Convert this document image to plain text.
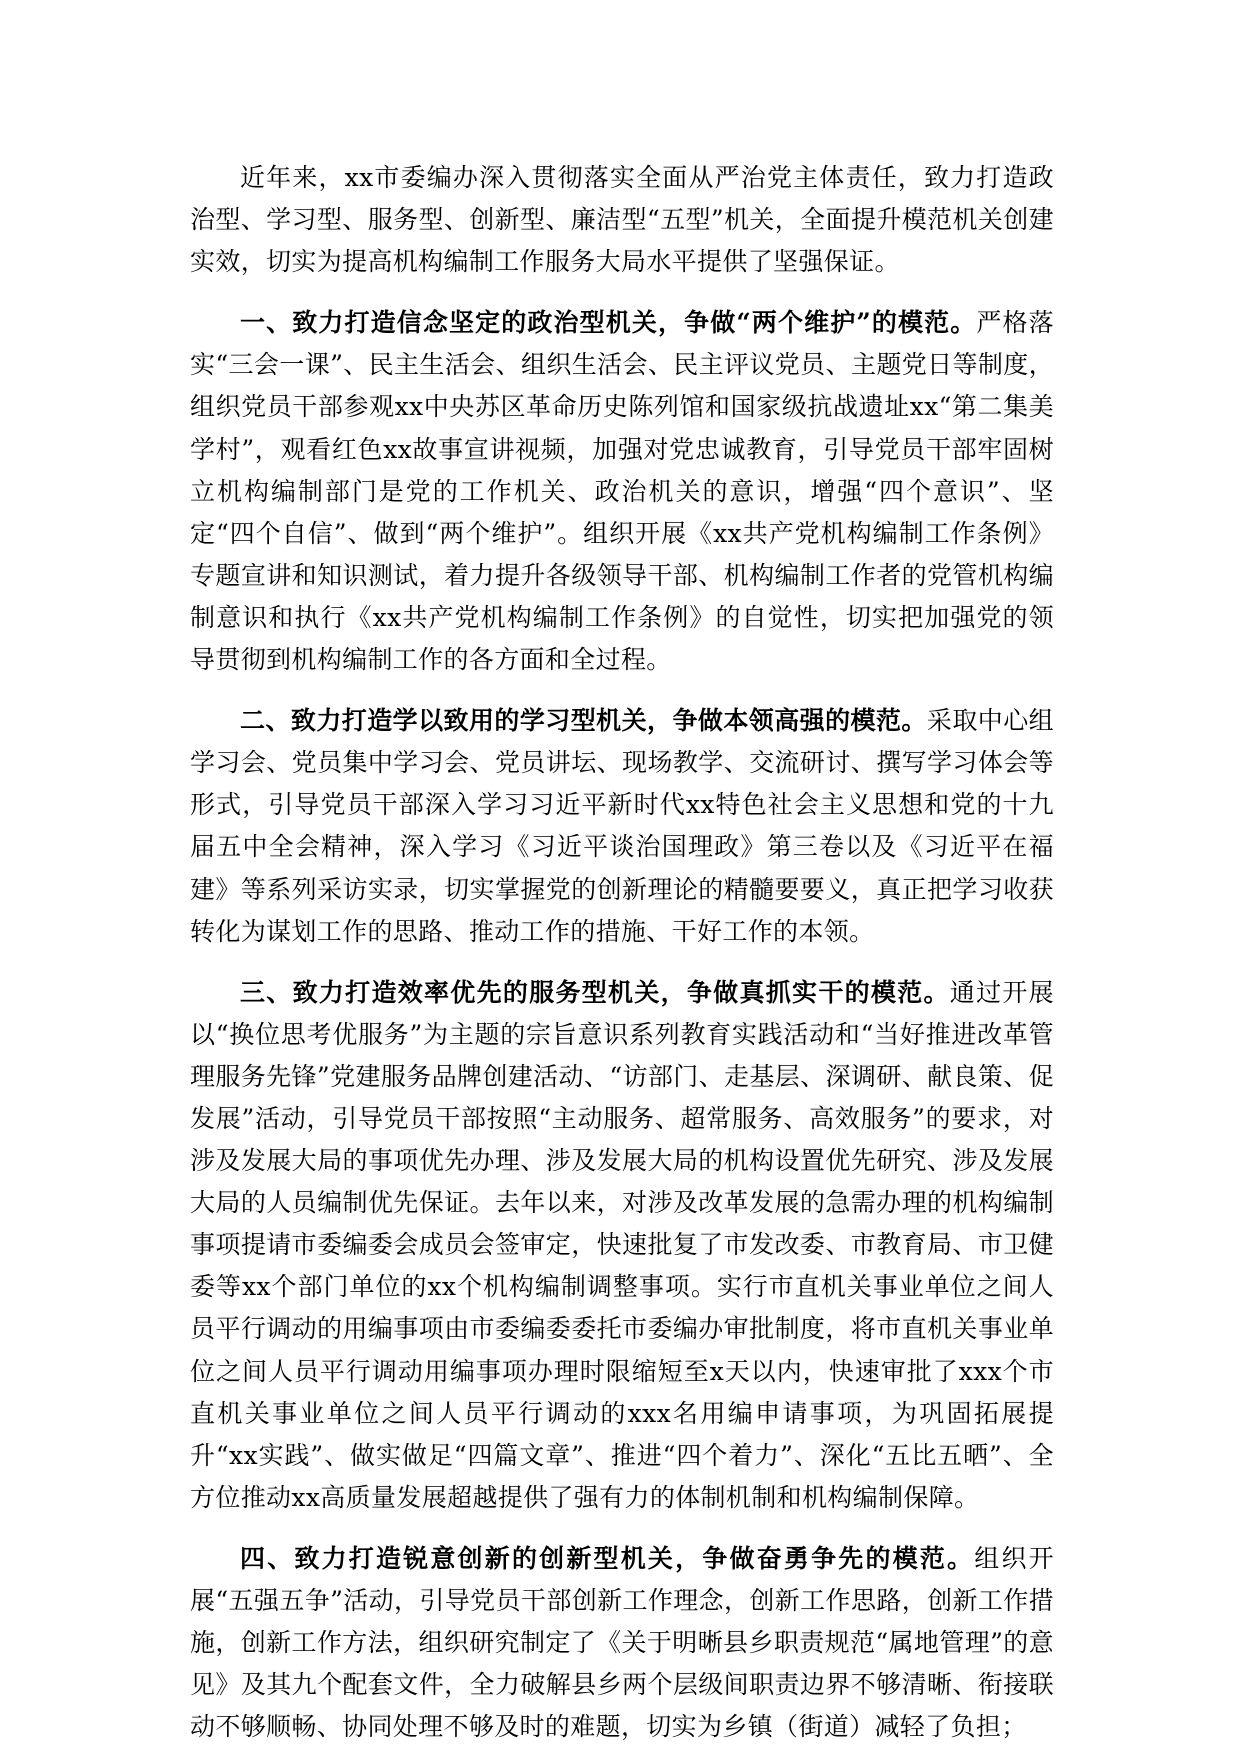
近年来，xx市委编办深入贯彻落实全面从严治党主体责任，致力打造政治型、学习型、服务型、创新型、廉洁型“五型”机关，全面提升模范机关创建实效，切实为提高机构编制工作服务大局水平提供了坚强保证。

一、致力打造信念坚定的政治型机关，争做“两个维护”的模范。严格落实“三会一课”、民主生活会、组织生活会、民主评议党员、主题党日等制度，组织党员干部参观xx中央苏区革命历史陈列馆和国家级抗战遗址xx“第二集美学村”，观看红色xx故事宣讲视频，加强对党忠诚教育，引导党员干部牢固树立机构编制部门是党的工作机关、政治机关的意识，增强“四个意识”、坚定“四个自信”、做到“两个维护”。组织开展《xx共产党机构编制工作条例》专题宣讲和知识测试，着力提升各级领导干部、机构编制工作者的党管机构编制意识和执行《xx共产党机构编制工作条例》的自觉性，切实把加强党的领导贯彻到机构编制工作的各方面和全过程。

二、致力打造学以致用的学习型机关，争做本领高强的模范。采取中心组学习会、党员集中学习会、党员讲坛、现场教学、交流研讨、撰写学习体会等形式，引导党员干部深入学习习近平新时代xx特色社会主义思想和党的十九届五中全会精神，深入学习《习近平谈治国理政》第三卷以及《习近平在福建》等系列采访实录，切实掌握党的创新理论的精髓要要义，真正把学习收获转化为谋划工作的思路、推动工作的措施、干好工作的本领。

三、致力打造效率优先的服务型机关，争做真抓实干的模范。通过开展以“换位思考优服务”为主题的宗旨意识系列教育实践活动和“当好推进改革管理服务先锋”党建服务品牌创建活动、“访部门、走基层、深调研、献良策、促发展”活动，引导党员干部按照“主动服务、超常服务、高效服务”的要求，对涉及发展大局的事项优先办理、涉及发展大局的机构设置优先研究、涉及发展大局的人员编制优先保证。去年以来，对涉及改革发展的急需办理的机构编制事项提请市委编委会成员会签审定，快速批复了市发改委、市教育局、市卫健委等xx个部门单位的xx个机构编制调整事项。实行市直机关事业单位之间人员平行调动的用编事项由市委编委委托市委编办审批制度，将市直机关事业单位之间人员平行调动用编事项办理时限缩短至x天以内，快速审批了xxx个市直机关事业单位之间人员平行调动的xxx名用编申请事项，为巩固拓展提升“xx实践”、做实做足“四篇文章”、推进“四个着力”、深化“五比五晒”、全方位推动xx高质量发展超越提供了强有力的体制机制和机构编制保障。

四、致力打造锐意创新的创新型机关，争做奋勇争先的模范。组织开展“五强五争”活动，引导党员干部创新工作理念，创新工作思路，创新工作措施，创新工作方法，组织研究制定了《关于明晰县乡职责规范“属地管理”的意见》及其九个配套文件，全力破解县乡两个层级间职责边界不够清晰、衔接联动不够顺畅、协同处理不够及时的难题，切实为乡镇（街道）减轻了负担；
